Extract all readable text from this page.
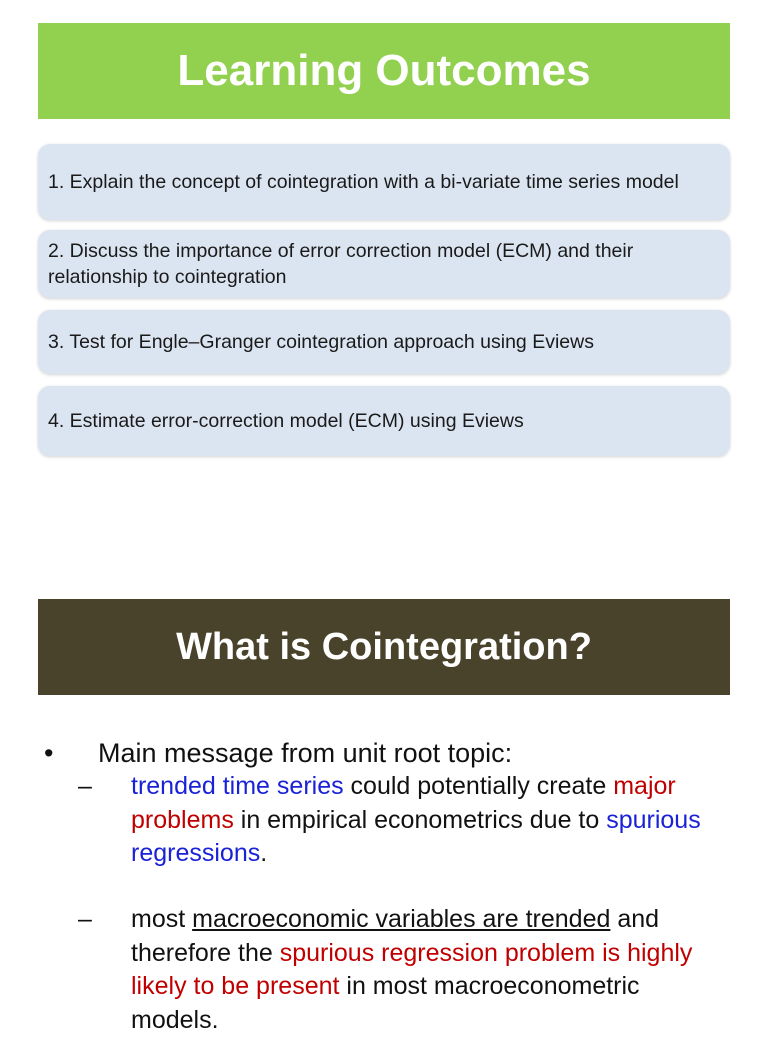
Learning Outcomes
1. Explain the concept of cointegration with a bi-variate time series model
2. Discuss the importance of error correction model (ECM) and their relationship to cointegration
3. Test for Engle–Granger cointegration approach using Eviews
4. Estimate error-correction model (ECM) using Eviews
What is Cointegration?
• Main message from unit root topic:
– trended time series could potentially create major problems in empirical econometrics due to spurious regressions.
– most macroeconomic variables are trended and therefore the spurious regression problem is highly likely to be present in most macroeconometric models.
